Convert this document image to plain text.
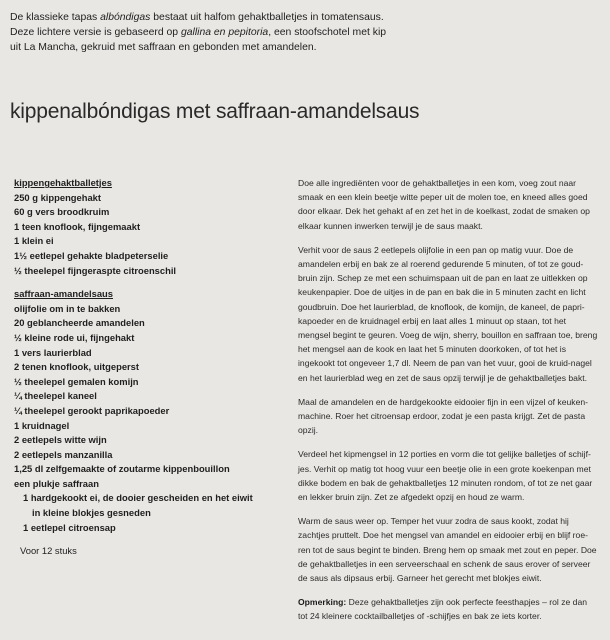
De klassieke tapas albóndigas bestaat uit halfom gehaktballetjes in tomatensaus.

Deze lichtere versie is gebaseerd op gallina en pepitoria, een stoofschotel met kip

uit La Mancha, gekruid met saffraan en gebonden met amandelen.

kippenalbóndigas met saffraan-amandelsaus
kippengehaktballetjes
250 g kippengehakt
60 g vers broodkruim
1 teen knoflook, fijngemaakt
1 klein ei
1½ eetlepel gehakte bladpeterselie
½ theelepel fijngeraspte citroenschil
saffraan-amandelsaus
olijfolie om in te bakken
20 geblancheerde amandelen
½ kleine rode ui, fijngehakt
1 vers laurierblad
2 tenen knoflook, uitgeperst
½ theelepel gemalen komijn
¼ theelepel kaneel
¼ theelepel gerookt paprikapoeder
1 kruidnagel
2 eetlepels witte wijn
2 eetlepels manzanilla
1,25 dl zelfgemaakte of zoutarme kippenbouillon
een plukje saffraan
1 hardgekookt ei, de dooier gescheiden en het eiwit
in kleine blokjes gesneden
1 eetlepel citroensap
Voor 12 stuks

Doe alle ingrediënten voor de gehaktballetjes in een kom, voeg zout naar smaak en een klein beetje witte peper uit de molen toe, en kneed alles goed door elkaar. Dek het gehakt af en zet het in de koelkast, zodat de smaken op elkaar kunnen inwerken terwijl je de saus maakt.

Verhit voor de saus 2 eetlepels olijfolie in een pan op matig vuur. Doe de amandelen erbij en bak ze al roerend gedurende 5 minuten, of tot ze goud-bruin zijn. Schep ze met een schuimspaan uit de pan en laat ze uitlekken op keukenpapier. Doe de uitjes in de pan en bak die in 5 minuten zacht en licht goudbruin. Doe het laurierblad, de knoflook, de komijn, de kaneel, de papri-kapoeder en de kruidnagel erbij en laat alles 1 minuut op staan, tot het mengsel begint te geuren. Voeg de wijn, sherry, bouillon en saffraan toe, breng het mengsel aan de kook en laat het 5 minuten doorkoken, of tot het is ingekookt tot ongeveer 1,7 dl. Neem de pan van het vuur, gooi de kruid-nagel en het laurierblad weg en zet de saus opzij terwijl je de gehaktballetjes bakt.

Maal de amandelen en de hardgekookte eidooier fijn in een vijzel of keuken-machine. Roer het citroensap erdoor, zodat je een pasta krijgt. Zet de pasta opzij.

Verdeel het kipmengsel in 12 porties en vorm die tot gelijke balletjes of schijf-jes. Verhit op matig tot hoog vuur een beetje olie in een grote koekenpan met dikke bodem en bak de gehaktballetjes 12 minuten rondom, of tot ze net gaar en lekker bruin zijn. Zet ze afgedekt opzij en houd ze warm.

Warm de saus weer op. Temper het vuur zodra de saus kookt, zodat hij zachtjes pruttelt. Doe het mengsel van amandel en eidooier erbij en blijf roe-ren tot de saus begint te binden. Breng hem op smaak met zout en peper. Doe de gehaktballetjes in een serveerschaal en schenk de saus erover of serveer de saus als dipsaus erbij. Garneer het gerecht met blokjes eiwit.

Opmerking: Deze gehaktballetjes zijn ook perfecte feesthapjes – rol ze dan tot 24 kleinere cocktailballetjes of -schijfjes en bak ze iets korter.
